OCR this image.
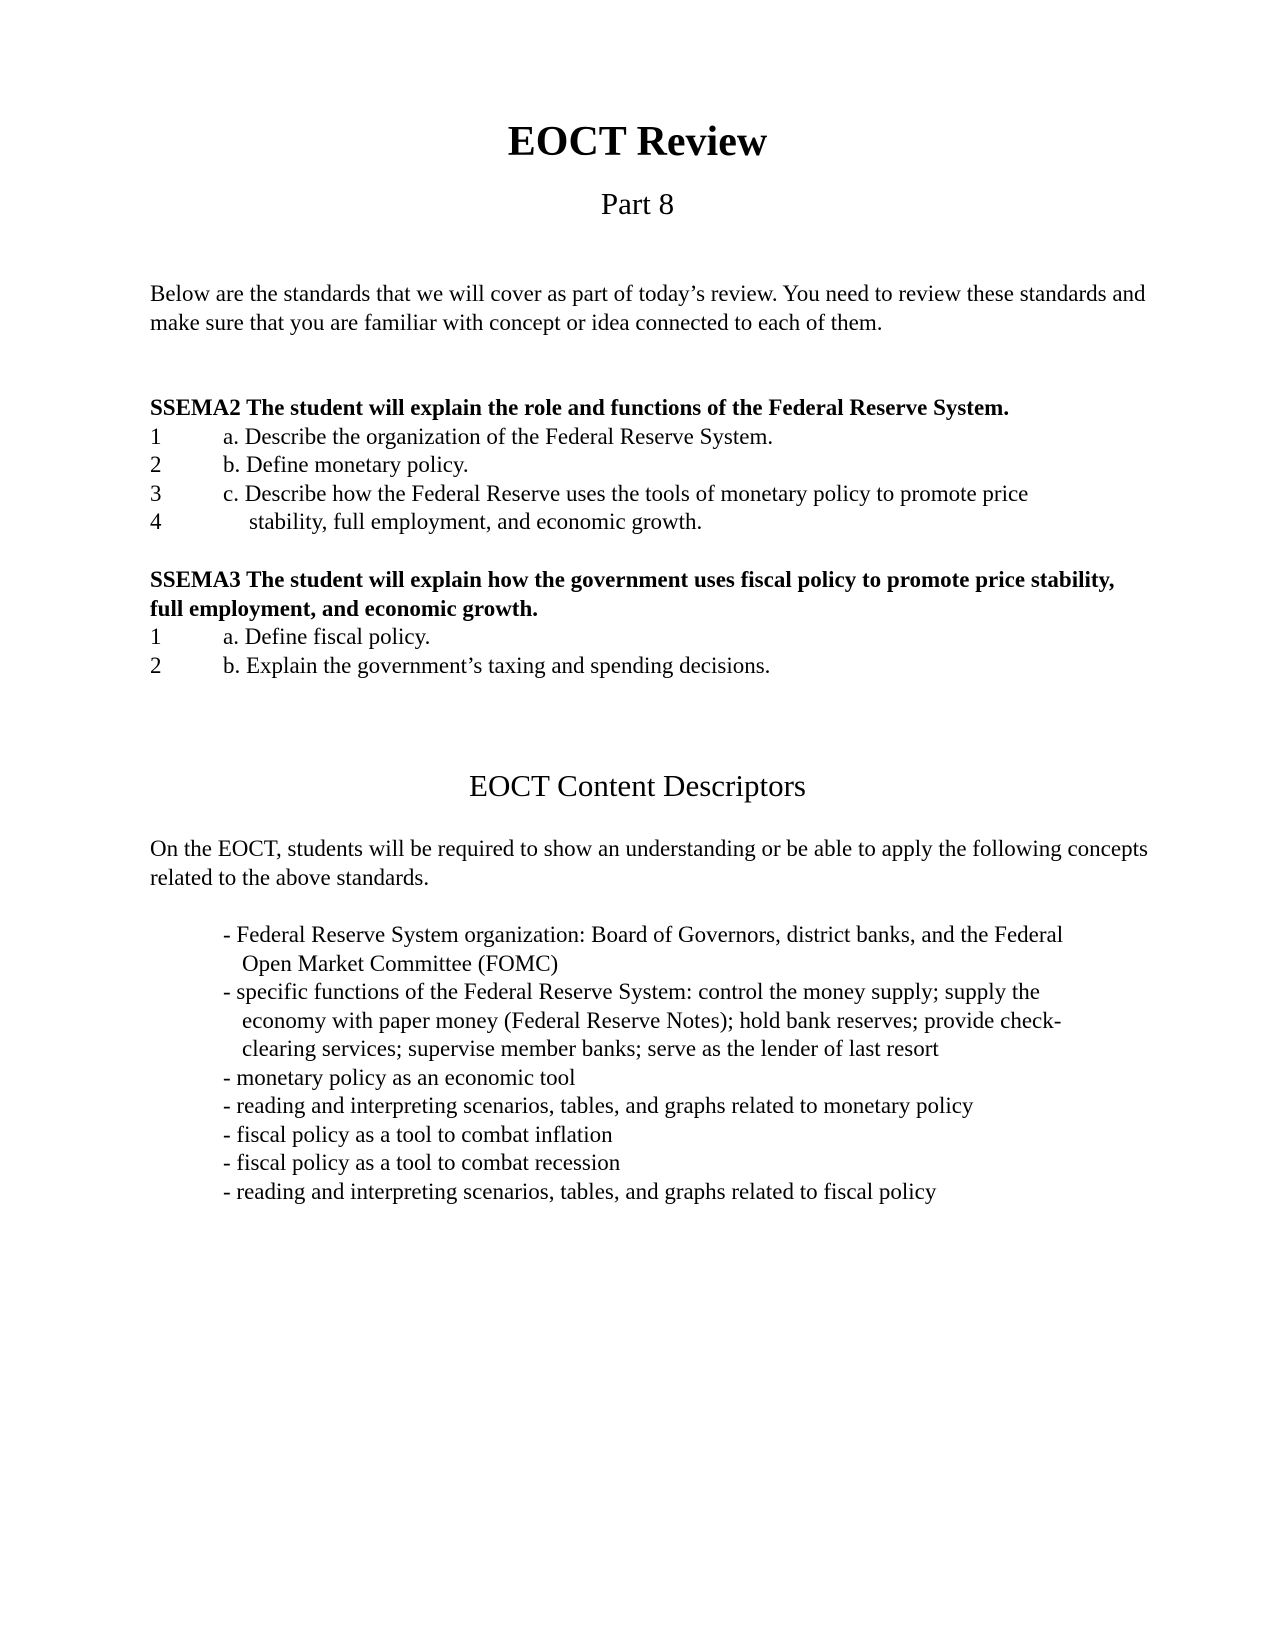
EOCT Review
Part 8
Below are the standards that we will cover as part of today’s review. You need to review these standards and make sure that you are familiar with concept or idea connected to each of them.
SSEMA2 The student will explain the role and functions of the Federal Reserve System.
1	a. Describe the organization of the Federal Reserve System.
2	b. Define monetary policy.
3	c. Describe how the Federal Reserve uses the tools of monetary policy to promote price
4	stability, full employment, and economic growth.
SSEMA3 The student will explain how the government uses fiscal policy to promote price stability, full employment, and economic growth.
1	a. Define fiscal policy.
2	b. Explain the government’s taxing and spending decisions.
EOCT Content Descriptors
On the EOCT, students will be required to show an understanding or be able to apply the following concepts related to the above standards.
- Federal Reserve System organization: Board of Governors, district banks, and the Federal Open Market Committee (FOMC)
- specific functions of the Federal Reserve System: control the money supply; supply the economy with paper money (Federal Reserve Notes); hold bank reserves; provide check-clearing services; supervise member banks; serve as the lender of last resort
- monetary policy as an economic tool
- reading and interpreting scenarios, tables, and graphs related to monetary policy
- fiscal policy as a tool to combat inflation
- fiscal policy as a tool to combat recession
- reading and interpreting scenarios, tables, and graphs related to fiscal policy
